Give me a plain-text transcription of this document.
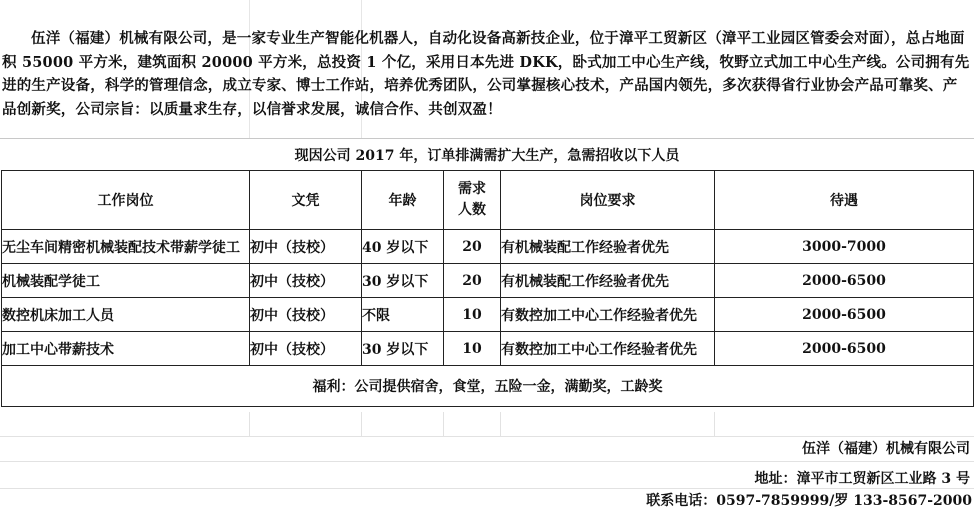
伍洋（福建）机械有限公司，是一家专业生产智能化机器人，自动化设备高新技企业，位于漳平工贸新区（漳平工业园区管委会对面），总占地面积 55000 平方米，建筑面积 20000 平方米，总投资 1 个亿，采用日本先进 DKK，卧式加工中心生产线，牧野立式加工中心生产线。公司拥有先进的生产设备，科学的管理信念，成立专家、博士工作站，培养优秀团队，公司掌握核心技术，产品国内领先，多次获得省行业协会产品可靠奖、产品创新奖，公司宗旨：以质量求生存，以信誉求发展，诚信合作、共创双盈！
现因公司 2017 年，订单排满需扩大生产，急需招收以下人员
工作岗位	文凭	年龄	需求人数	岗位要求	待遇
无尘车间精密机械装配技术带薪学徒工	初中（技校）	40 岁以下	20	有机械装配工作经验者优先	3000-7000
机械装配学徒工	初中（技校）	30 岁以下	20	有机械装配工作经验者优先	2000-6500
数控机床加工人员	初中（技校）	不限	10	有数控加工中心工作经验者优先	2000-6500
加工中心带薪技术	初中（技校）	30 岁以下	10	有数控加工中心工作经验者优先	2000-6500
福利：公司提供宿舍，食堂，五险一金，满勤奖，工龄奖					
伍洋（福建）机械有限公司
地址：漳平市工贸新区工业路 3 号
联系电话：0597-7859999/罗 133-8567-2000
